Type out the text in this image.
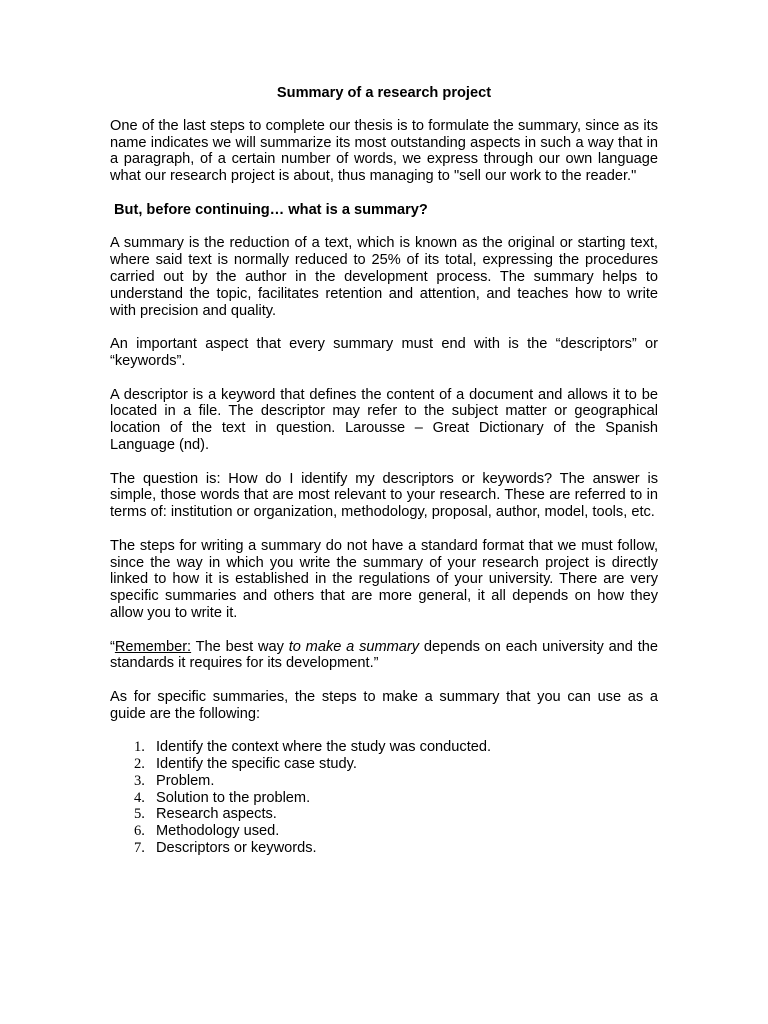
Summary of a research project
One of the last steps to complete our thesis is to formulate the summary, since as its name indicates we will summarize its most outstanding aspects in such a way that in a paragraph, of a certain number of words, we express through our own language what our research project is about, thus managing to "sell our work to the reader."
But, before continuing… what is a summary?
A summary is the reduction of a text, which is known as the original or starting text, where said text is normally reduced to 25% of its total, expressing the procedures carried out by the author in the development process. The summary helps to understand the topic, facilitates retention and attention, and teaches how to write with precision and quality.
An important aspect that every summary must end with is the “descriptors” or “keywords”.
A descriptor is a keyword that defines the content of a document and allows it to be located in a file. The descriptor may refer to the subject matter or geographical location of the text in question. Larousse – Great Dictionary of the Spanish Language (nd).
The question is: How do I identify my descriptors or keywords? The answer is simple, those words that are most relevant to your research. These are referred to in terms of: institution or organization, methodology, proposal, author, model, tools, etc.
The steps for writing a summary do not have a standard format that we must follow, since the way in which you write the summary of your research project is directly linked to how it is established in the regulations of your university. There are very specific summaries and others that are more general, it all depends on how they allow you to write it.
“Remember: The best way to make a summary depends on each university and the standards it requires for its development.”
As for specific summaries, the steps to make a summary that you can use as a guide are the following:
1. Identify the context where the study was conducted.
2. Identify the specific case study.
3. Problem.
4. Solution to the problem.
5. Research aspects.
6. Methodology used.
7. Descriptors or keywords.
